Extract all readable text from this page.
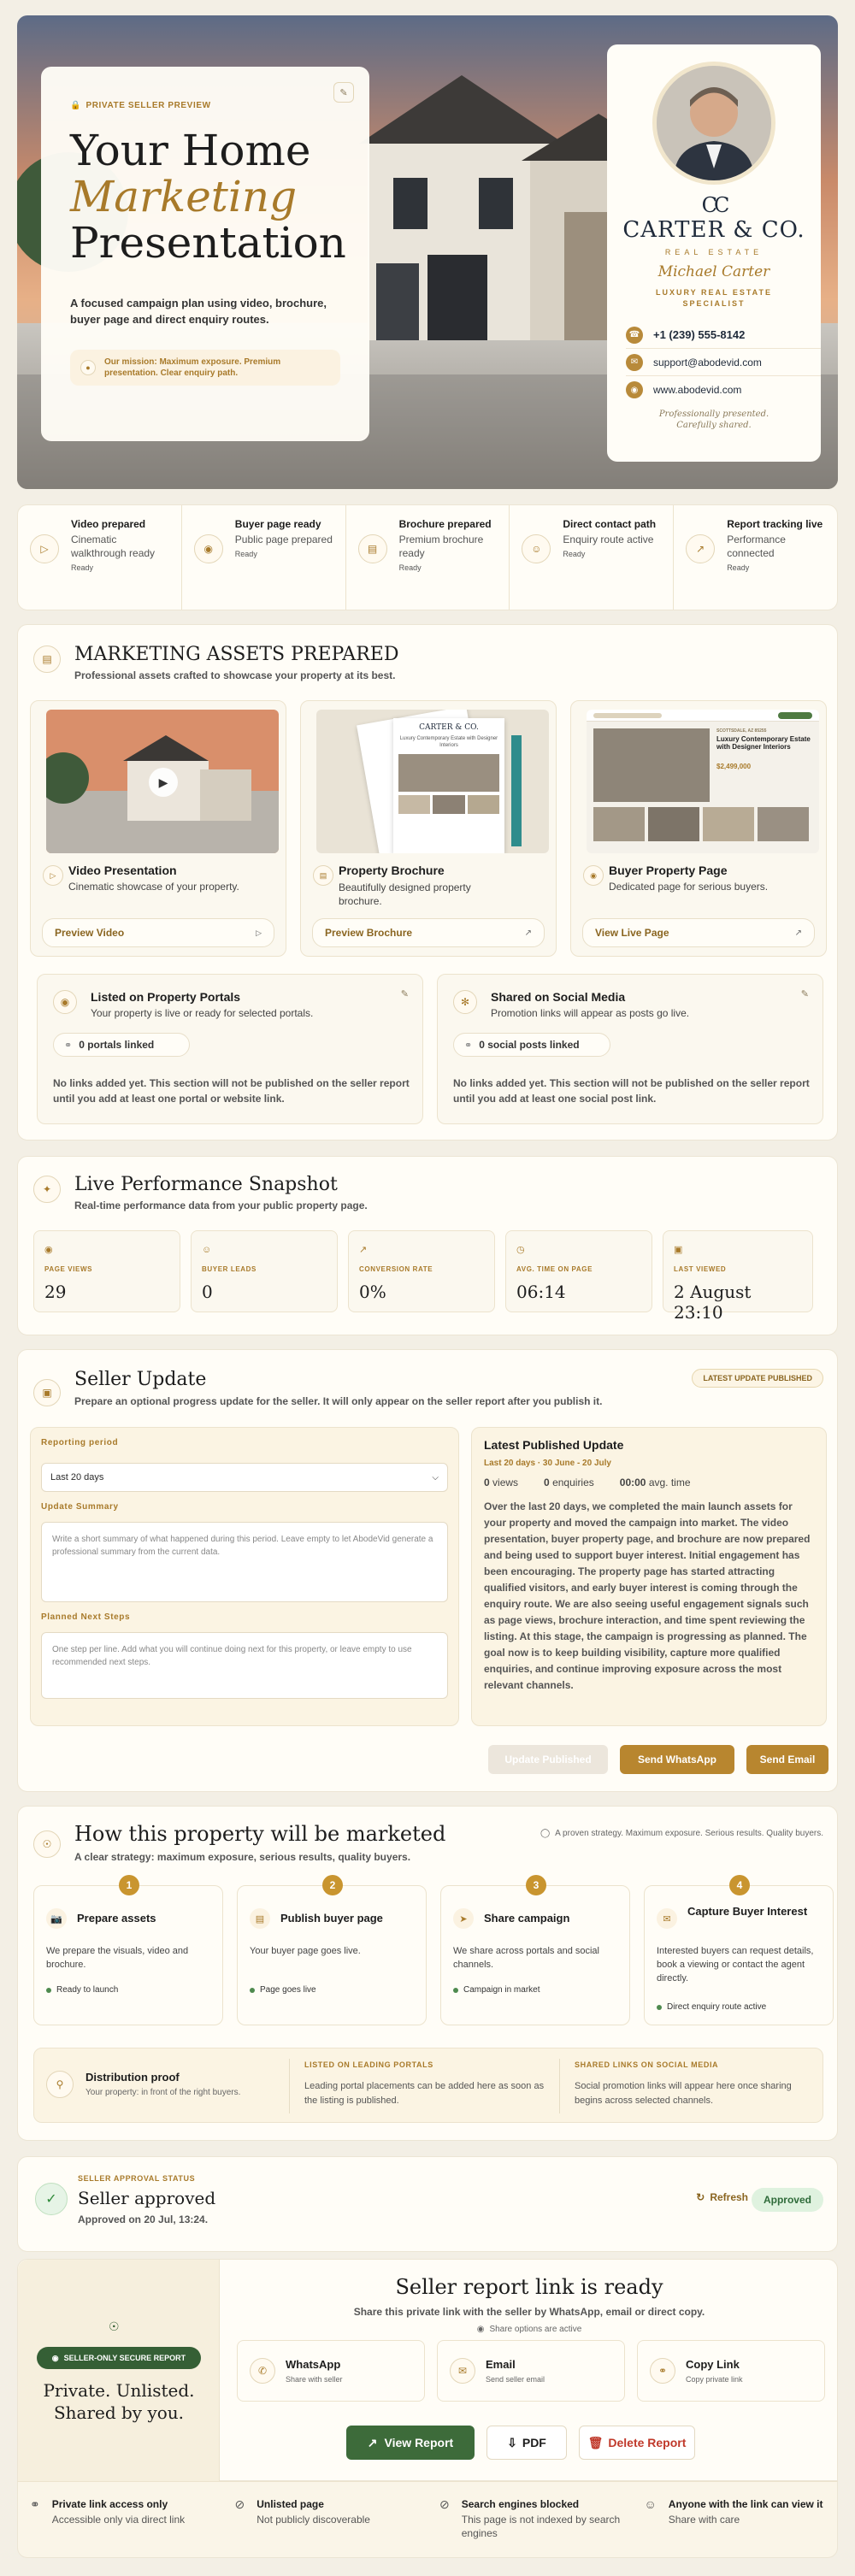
🔒 PRIVATE SELLER PREVIEW
✎
Your Home
Marketing
Presentation
A focused campaign plan using video, brochure, buyer page and direct enquiry routes.
●
Our mission: Maximum exposure. Premium presentation. Clear enquiry path.
CC
CARTER & CO.
REAL ESTATE
Michael Carter
LUXURY REAL ESTATE SPECIALIST
☎ +1 (239) 555-8142
✉	support@abodevid.com
◉	www.abodevid.com
Professionally presented. Carefully shared.
▷
Video prepared
Cinematic walkthrough ready
Ready
◉
Buyer page ready
Public page prepared
Ready	▤
Brochure prepared
Premium brochure ready
Ready
☺
Direct contact path
Enquiry route active
Ready	↗
Report tracking live
Performance connected
Ready
▤	MARKETING ASSETS PREPARED
Professional assets crafted to showcase your property at its best.
▶
▷	Video Presentation
Cinematic showcase of your property.
Preview Video	▷
CARTER & CO.
Luxury Contemporary Estate with Designer Interiors
▤ Property Brochure
Beautifully designed property brochure.
Preview Brochure	↗
SCOTTSDALE, AZ 85255
Luxury Contemporary Estate with Designer Interiors
$2,499,000
◉	Buyer Property Page
Dedicated page for serious buyers.
View Live Page	↗
◉	Listed on Property Portals
Your property is live or ready for selected portals.
✎
⚭ 0 portals linked
No links added yet. This section will not be published on the seller report until you add at least one portal or website link.
✻	Shared on Social Media
Promotion links will appear as posts go live.
✎
⚭ 0 social posts linked
No links added yet. This section will not be published on the seller report until you add at least one social post link.
✦	Live Performance Snapshot
Real-time performance data from your public property page.
◉
PAGE VIEWS
29
☺
BUYER LEADS
0
↗
CONVERSION RATE
0%
◷
AVG. TIME ON PAGE
06:14
▣
LAST VIEWED
2 August 23:10
▣
Seller Update
Prepare an optional progress update for the seller. It will only appear on the seller report after you publish it.
LATEST UPDATE PUBLISHED
Reporting period
Last 20 days	⌵
Update Summary
Write a short summary of what happened during this period. Leave empty to let AbodeVid generate a professional summary from the current data.
Planned Next Steps
One step per line. Add what you will continue doing next for this property, or leave empty to use recommended next steps.
Latest Published Update
Last 20 days · 30 June - 20 July
0 views	0 enquiries	00:00 avg. time
Over the last 20 days, we completed the main launch assets for your property and moved the campaign into market. The video presentation, buyer property page, and brochure are now prepared and being used to support buyer interest. Initial engagement has been encouraging. The property page has started attracting qualified visitors, and early buyer interest is coming through the enquiry route. We are also seeing useful engagement signals such as page views, brochure interaction, and time spent reviewing the listing. At this stage, the campaign is progressing as planned. The goal now is to keep building visibility, capture more qualified enquiries, and continue improving exposure across the most relevant channels.
Update Published	Send WhatsApp	Send Email
☉	How this property will be marketed
A clear strategy: maximum exposure, serious results, quality buyers.
◯ A proven strategy. Maximum exposure. Serious results. Quality buyers.
1
📷	Prepare assets
We prepare the visuals, video and brochure.
Ready to launch
2
▤	Publish buyer page
Your buyer page goes live.
Page goes live
3
➤	Share campaign
We share across portals and social channels.
Campaign in market
4
✉
Capture Buyer Interest
Interested buyers can request details, book a viewing or contact the agent directly.
Direct enquiry route active
⚲
Distribution proof
Your property: in front of the right buyers.
LISTED ON LEADING PORTALS
Leading portal placements can be added here as soon as the listing is published.
SHARED LINKS ON SOCIAL MEDIA
Social promotion links will appear here once sharing begins across selected channels.
✓
SELLER APPROVAL STATUS
Seller approved
Approved on 20 Jul, 13:24.
↻ Refresh	Approved
☉
◉ SELLER-ONLY SECURE REPORT
Private. Unlisted.
Shared by you.
Seller report link is ready
Share this private link with the seller by WhatsApp, email or direct copy.
◉ Share options are active
✆	WhatsApp
Share with seller
✉	Email
Send seller email
⚭	Copy Link
Copy private link
↗ View Report	⇩ PDF	🗑 Delete Report
⚭ Private link access only
Accessible only via direct link
⊘ Unlisted page
Not publicly discoverable
⊘ Search engines blocked
This page is not indexed by search engines
☺ Anyone with the link can view it
Share with care
